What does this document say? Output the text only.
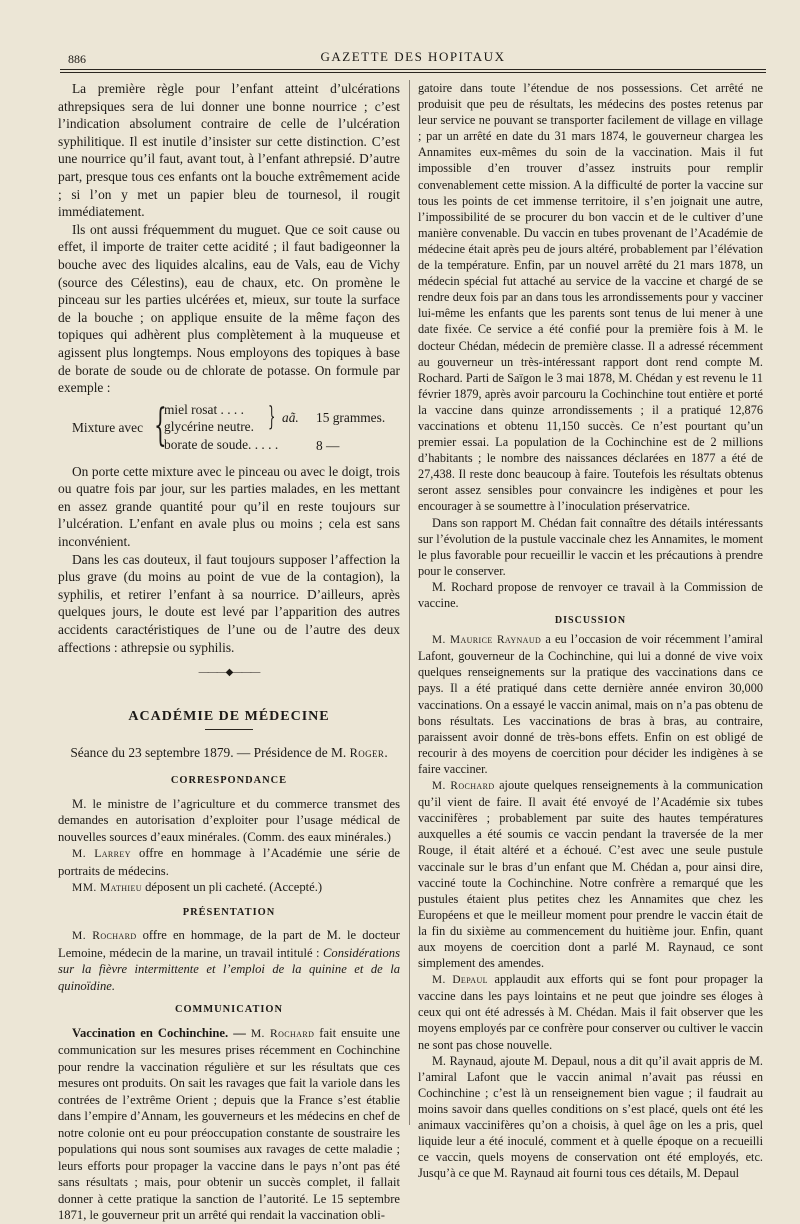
886	GAZETTE DES HOPITAUX

La première règle pour l’enfant atteint d’ulcérations athrepsiques sera de lui donner une bonne nourrice ; c’est l’indication absolument contraire de celle de l’ulcération syphilitique. Il est inutile d’insister sur cette distinction. C’est une nourrice qu’il faut, avant tout, à l’enfant athrepsié. D’autre part, presque tous ces enfants ont la bouche extrêmement acide ; si l’on y met un papier bleu de tournesol, il rougit immédiatement.

Ils ont aussi fréquemment du muguet. Que ce soit cause ou effet, il importe de traiter cette acidité ; il faut badigeonner la bouche avec des liquides alcalins, eau de Vals, eau de Vichy (source des Célestins), eau de chaux, etc. On promène le pinceau sur les parties ulcérées et, mieux, sur toute la surface de la bouche ; on applique ensuite de la même façon des topiques qui adhèrent plus complètement à la muqueuse et agissent plus longtemps. Nous employons des topiques à base de borate de soude ou de chlorate de potasse. On formule par exemple :

Mixture avec {
miel rosat . . . .
glycérine neutre.
borate de soude. . . . .
} aã. 15 grammes.
8 —

On porte cette mixture avec le pinceau ou avec le doigt, trois ou quatre fois par jour, sur les parties malades, en les mettant en assez grande quantité pour qu’il en reste toujours sur l’ulcération. L’enfant en avale plus ou moins ; cela est sans inconvénient.

Dans les cas douteux, il faut toujours supposer l’affection la plus grave (du moins au point de vue de la contagion), la syphilis, et retirer l’enfant à sa nourrice. D’ailleurs, après quelques jours, le doute est levé par l’apparition des autres accidents caractéristiques de l’une ou de l’autre des deux affections : athrepsie ou syphilis.

———◆———
ACADÉMIE DE MÉDECINE
Séance du 23 septembre 1879. — Présidence de M. Roger.
CORRESPONDANCE

M. le ministre de l’agriculture et du commerce transmet des demandes en autorisation d’exploiter pour l’usage médical de nouvelles sources d’eaux minérales. (Comm. des eaux minérales.)

M. Larrey offre en hommage à l’Académie une série de portraits de médecins.

MM. Mathieu déposent un pli cacheté. (Accepté.)

PRÉSENTATION

M. Rochard offre en hommage, de la part de M. le docteur Lemoine, médecin de la marine, un travail intitulé : Considérations sur la fièvre intermittente et l’emploi de la quinine et de la quinoïdine.

COMMUNICATION

Vaccination en Cochinchine. — M. Rochard fait ensuite une communication sur les mesures prises récemment en Cochinchine pour rendre la vaccination régulière et sur les résultats que ces mesures ont produits. On sait les ravages que fait la variole dans les contrées de l’extrême Orient ; depuis que la France s’est établie dans l’empire d’Annam, les gouverneurs et les médecins en chef de notre colonie ont eu pour préoccupation constante de soustraire les populations qui nous sont soumises aux ravages de cette maladie ; leurs efforts pour propager la vaccine dans le pays n’ont pas été sans résultats ; mais, pour obtenir un succès complet, il fallait donner à cette pratique la sanction de l’autorité. Le 15 septembre 1871, le gouverneur prit un arrêté qui rendait la vaccination obli-

gatoire dans toute l’étendue de nos possessions. Cet arrêté ne produisit que peu de résultats, les médecins des postes retenus par leur service ne pouvant se transporter facilement de village en village ; par un arrêté en date du 31 mars 1874, le gouverneur chargea les Annamites eux-mêmes du soin de la vaccination. Mais il fut impossible d’en trouver d’assez instruits pour remplir convenablement cette mission. A la difficulté de porter la vaccine sur tous les points de cet immense territoire, il s’en joignait une autre, l’impossibilité de se procurer du bon vaccin et de le cultiver d’une manière convenable. Du vaccin en tubes provenant de l’Académie de médecine était après peu de jours altéré, probablement par l’élévation de la température. Enfin, par un nouvel arrêté du 21 mars 1878, un médecin spécial fut attaché au service de la vaccine et chargé de se rendre deux fois par an dans tous les arrondissements pour y vacciner lui-même les enfants que les parents sont tenus de lui mener à une date fixée. Ce service a été confié pour la première fois à M. le docteur Chédan, médecin de première classe. Il a adressé récemment au gouverneur un très-intéressant rapport dont rend compte M. Rochard. Parti de Saïgon le 3 mai 1878, M. Chédan y est revenu le 11 février 1879, après avoir parcouru la Cochinchine tout entière et porté la vaccine dans quinze arrondissements ; il a pratiqué 12,876 vaccinations et obtenu 11,150 succès. Ce n’est pourtant qu’un premier essai. La population de la Cochinchine est de 2 millions d’habitants ; le nombre des naissances déclarées en 1877 a été de 27,438. Il reste donc beaucoup à faire. Toutefois les résultats obtenus seront assez sensibles pour convaincre les indigènes et pour les encourager à se soumettre à l’inoculation préservatrice.

Dans son rapport M. Chédan fait connaître des détails intéressants sur l’évolution de la pustule vaccinale chez les Annamites, le moment le plus favorable pour recueillir le vaccin et les précautions à prendre pour le conserver.

M. Rochard propose de renvoyer ce travail à la Commission de vaccine.

DISCUSSION

M. Maurice Raynaud a eu l’occasion de voir récemment l’amiral Lafont, gouverneur de la Cochinchine, qui lui a donné de vive voix quelques renseignements sur la pratique des vaccinations dans ce pays. Il a été pratiqué dans cette dernière année environ 30,000 vaccinations. On a essayé le vaccin animal, mais on n’a pas obtenu de bons résultats. Les vaccinations de bras à bras, au contraire, paraissent avoir donné de très-bons effets. Enfin on est obligé de recourir à des moyens de coercition pour décider les indigènes à se faire vacciner.

M. Rochard ajoute quelques renseignements à la communication qu’il vient de faire. Il avait été envoyé de l’Académie six tubes vaccinifères ; probablement par suite des hautes températures auxquelles a été soumis ce vaccin pendant la traversée de la mer Rouge, il était altéré et a échoué. C’est avec une seule pustule vaccinale sur le bras d’un enfant que M. Chédan a, pour ainsi dire, vacciné toute la Cochinchine. Notre confrère a remarqué que les pustules étaient plus petites chez les Annamites que chez les Européens et que le meilleur moment pour prendre le vaccin était de la fin du sixième au commencement du huitième jour. Enfin, quant aux moyens de coercition dont a parlé M. Raynaud, ce sont simplement des amendes.

M. Depaul applaudit aux efforts qui se font pour propager la vaccine dans les pays lointains et ne peut que joindre ses éloges à ceux qui ont été adressés à M. Chédan. Mais il fait observer que les moyens employés par ce confrère pour conserver ou cultiver le vaccin ne sont pas chose nouvelle.

M. Raynaud, ajoute M. Depaul, nous a dit qu’il avait appris de M. l’amiral Lafont que le vaccin animal n’avait pas réussi en Cochinchine ; c’est là un renseignement bien vague ; il faudrait au moins savoir dans quelles conditions on s’est placé, quels ont été les animaux vaccinifères qu’on a choisis, à quel âge on les a pris, quel liquide leur a été inoculé, comment et à quelle époque on a recueilli ce vaccin, quels moyens de conservation ont été employés, etc. Jusqu’à ce que M. Raynaud ait fourni tous ces détails, M. Depaul
